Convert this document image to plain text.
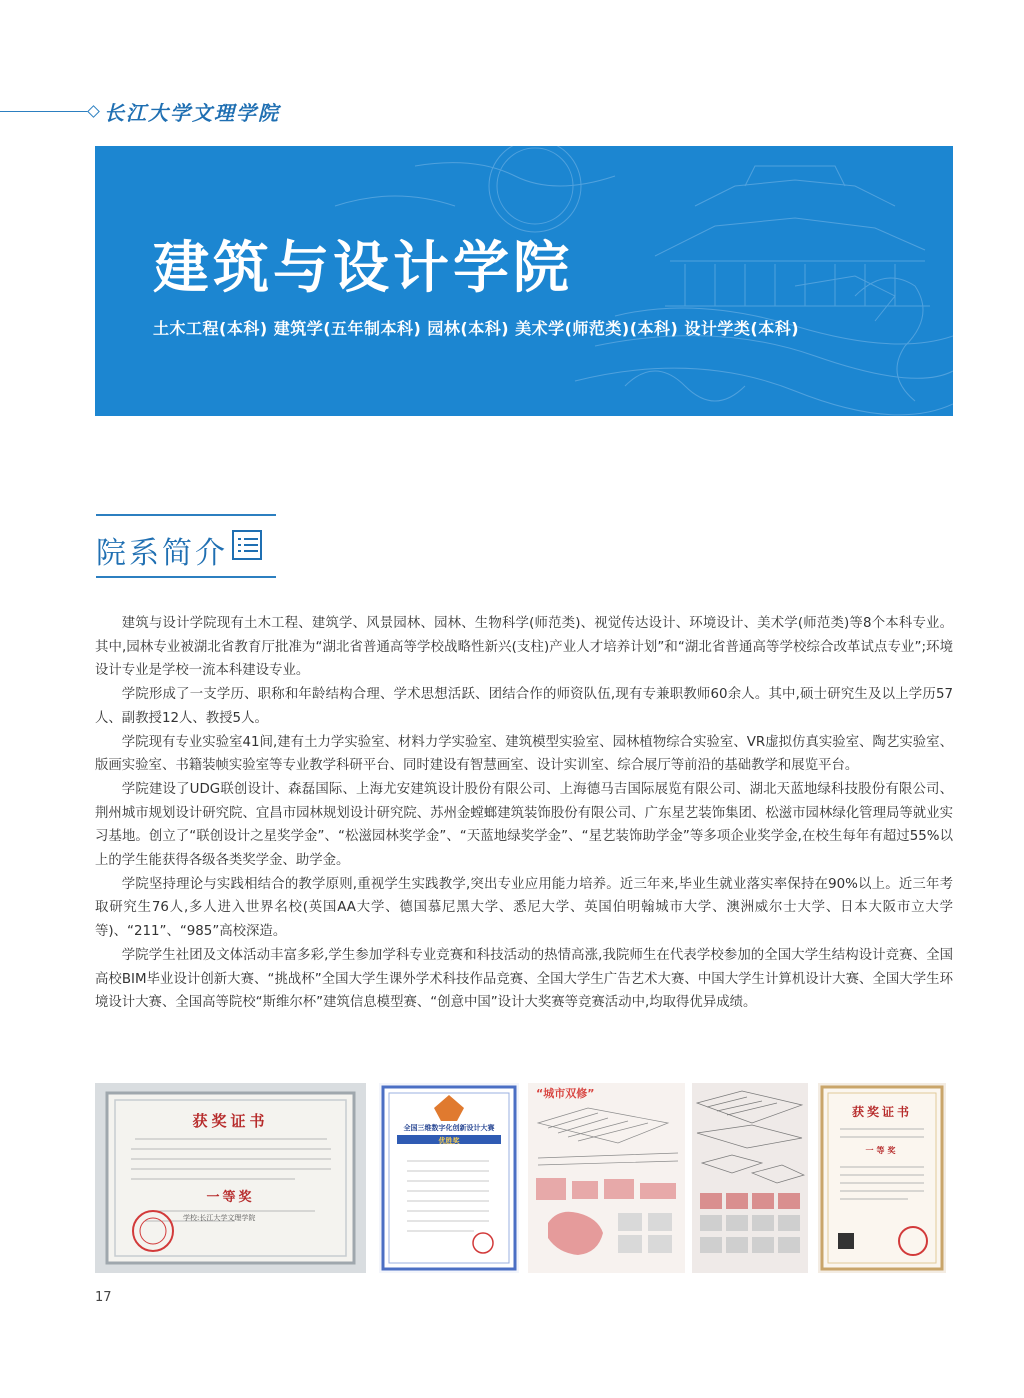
长江大学文理学院
建筑与设计学院
土木工程(本科) 建筑学(五年制本科) 园林(本科) 美术学(师范类)(本科) 设计学类(本科)
院系简介

建筑与设计学院现有土木工程、建筑学、风景园林、园林、生物科学(师范类)、视觉传达设计、环境设计、美术学(师范类)等8个本科专业。其中,园林专业被湖北省教育厅批准为“湖北省普通高等学校战略性新兴(支柱)产业人才培养计划”和“湖北省普通高等学校综合改革试点专业”;环境设计专业是学校一流本科建设专业。

学院形成了一支学历、职称和年龄结构合理、学术思想活跃、团结合作的师资队伍,现有专兼职教师60余人。其中,硕士研究生及以上学历57人、副教授12人、教授5人。

学院现有专业实验室41间,建有土力学实验室、材料力学实验室、建筑模型实验室、园林植物综合实验室、VR虚拟仿真实验室、陶艺实验室、版画实验室、书籍装帧实验室等专业教学科研平台、同时建设有智慧画室、设计实训室、综合展厅等前沿的基础教学和展览平台。

学院建设了UDG联创设计、森磊国际、上海尤安建筑设计股份有限公司、上海德马吉国际展览有限公司、湖北天蓝地绿科技股份有限公司、荆州城市规划设计研究院、宜昌市园林规划设计研究院、苏州金螳螂建筑装饰股份有限公司、广东星艺装饰集团、松滋市园林绿化管理局等就业实习基地。创立了“联创设计之星奖学金”、“松滋园林奖学金”、“天蓝地绿奖学金”、“星艺装饰助学金”等多项企业奖学金,在校生每年有超过55%以上的学生能获得各级各类奖学金、助学金。

学院坚持理论与实践相结合的教学原则,重视学生实践教学,突出专业应用能力培养。近三年来,毕业生就业落实率保持在90%以上。近三年考取研究生76人,多人进入世界名校(英国AA大学、德国慕尼黑大学、悉尼大学、英国伯明翰城市大学、澳洲威尔士大学、日本大阪市立大学等)、“211”、“985”高校深造。

学院学生社团及文体活动丰富多彩,学生参加学科专业竞赛和科技活动的热情高涨,我院师生在代表学校参加的全国大学生结构设计竞赛、全国高校BIM毕业设计创新大赛、“挑战杯”全国大学生课外学术科技作品竞赛、全国大学生广告艺术大赛、中国大学生计算机设计大赛、全国大学生环境设计大赛、全国高等院校“斯维尔杯”建筑信息模型赛、“创意中国”设计大奖赛等竞赛活动中,均取得优异成绩。

获奖证书
一等奖
学校:长江大学文理学院
全国三维数字化创新设计大赛
优胜奖
“城市双修”
获奖证书
一等奖
17
